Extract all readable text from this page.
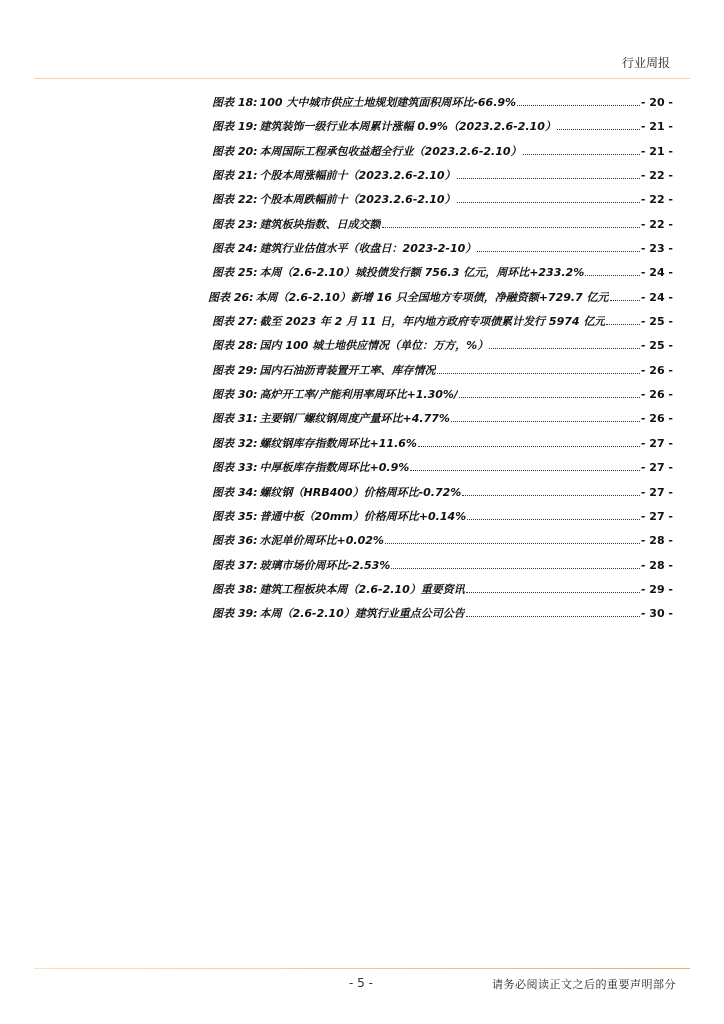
行业周报
图表 18: 100 大中城市供应土地规划建筑面积周环比-66.9%	- 20 -
图表 19: 建筑装饰一级行业本周累计涨幅 0.9%（2023.2.6-2.10）	- 21 -
图表 20: 本周国际工程承包收益超全行业（2023.2.6-2.10）	- 21 -
图表 21: 个股本周涨幅前十（2023.2.6-2.10）	- 22 -
图表 22: 个股本周跌幅前十（2023.2.6-2.10）	- 22 -
图表 23: 建筑板块指数、日成交额	- 22 -
图表 24: 建筑行业估值水平（收盘日：2023-2-10）	- 23 -
图表 25: 本周（2.6-2.10）城投债发行额 756.3 亿元，周环比+233.2%	- 24 -
图表 26: 本周（2.6-2.10）新增 16 只全国地方专项债，净融资额+729.7 亿元	- 24 -
图表 27: 截至 2023 年 2 月 11 日，年内地方政府专项债累计发行 5974 亿元	- 25 -
图表 28: 国内 100 城土地供应情况（单位：万方，%）	- 25 -
图表 29: 国内石油沥青装置开工率、库存情况	- 26 -
图表 30: 高炉开工率/产能利用率周环比+1.30%/	- 26 -
图表 31: 主要钢厂螺纹钢周度产量环比+4.77%	- 26 -
图表 32: 螺纹钢库存指数周环比+11.6%	- 27 -
图表 33: 中厚板库存指数周环比+0.9%	- 27 -
图表 34: 螺纹钢（HRB400）价格周环比-0.72%	- 27 -
图表 35: 普通中板（20mm）价格周环比+0.14%	- 27 -
图表 36: 水泥单价周环比+0.02%	- 28 -
图表 37: 玻璃市场价周环比-2.53%	- 28 -
图表 38: 建筑工程板块本周（2.6-2.10）重要资讯	- 29 -
图表 39: 本周（2.6-2.10）建筑行业重点公司公告	- 30 -
- 5 -	请务必阅读正文之后的重要声明部分
